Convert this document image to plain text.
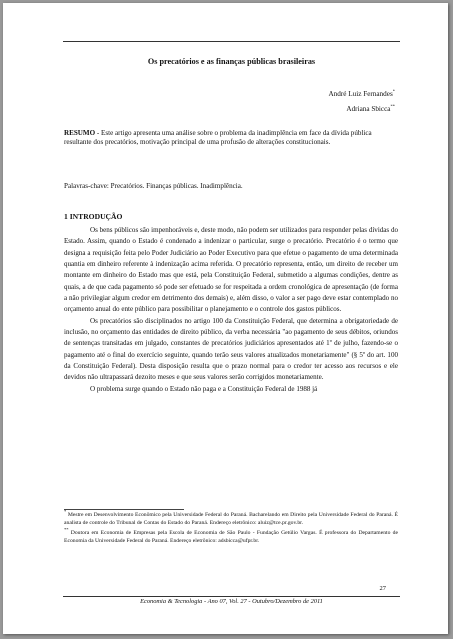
Os precatórios e as finanças públicas brasileiras
André Luiz Fernandes*
Adriana Sbicca**
RESUMO - Este artigo apresenta uma análise sobre o problema da inadimplência em face da dívida pública resultante dos precatórios, motivação principal de uma profusão de alterações constitucionais.
Palavras-chave: Precatórios. Finanças públicas. Inadimplência.
1 INTRODUÇÃO

Os bens públicos são impenhoráveis e, deste modo, não podem ser utilizados para responder pelas dívidas do Estado. Assim, quando o Estado é condenado a indenizar o particular, surge o precatório. Precatório é o termo que designa a requisição feita pelo Poder Judiciário ao Poder Executivo para que efetue o pagamento de uma determinada quantia em dinheiro referente à indenização acima referida. O precatório representa, então, um direito de receber um montante em dinheiro do Estado mas que está, pela Constituição Federal, submetido a algumas condições, dentre as quais, a de que cada pagamento só pode ser efetuado se for respeitada a ordem cronológica de apresentação (de forma a não privilegiar algum credor em detrimento dos demais) e, além disso, o valor a ser pago deve estar contemplado no orçamento anual do ente público para possibilitar o planejamento e o controle dos gastos públicos.

Os precatórios são disciplinados no artigo 100 da Constituição Federal, que determina a obrigatoriedade de inclusão, no orçamento das entidades de direito público, da verba necessária "ao pagamento de seus débitos, oriundos de sentenças transitadas em julgado, constantes de precatórios judiciários apresentados até 1º de julho, fazendo-se o pagamento até o final do exercício seguinte, quando terão seus valores atualizados monetariamente" (§ 5º do art. 100 da Constituição Federal). Desta disposição resulta que o prazo normal para o credor ter acesso aos recursos e ele devidos não ultrapassará dezoito meses e que seus valores serão corrigidos monetariamente.

O problema surge quando o Estado não paga e a Constituição Federal de 1988 já

* Mestre em Desenvolvimento Econômico pela Universidade Federal do Paraná. Bacharelando em Direito pela Universidade Federal do Paraná. É analista de controle do Tribunal de Contas do Estado do Paraná. Endereço eletrônico: aluiz@tce.pr.gov.br.

** Doutora em Economia de Empresas pela Escola de Economia de São Paulo - Fundação Getúlio Vargas. É professora do Departamento de Economia da Universidade Federal do Paraná. Endereço eletrônico: adsbicca@ufpr.br.

27
Economia & Tecnologia - Ano 07, Vol. 27 - Outubro/Dezembro de 2011
